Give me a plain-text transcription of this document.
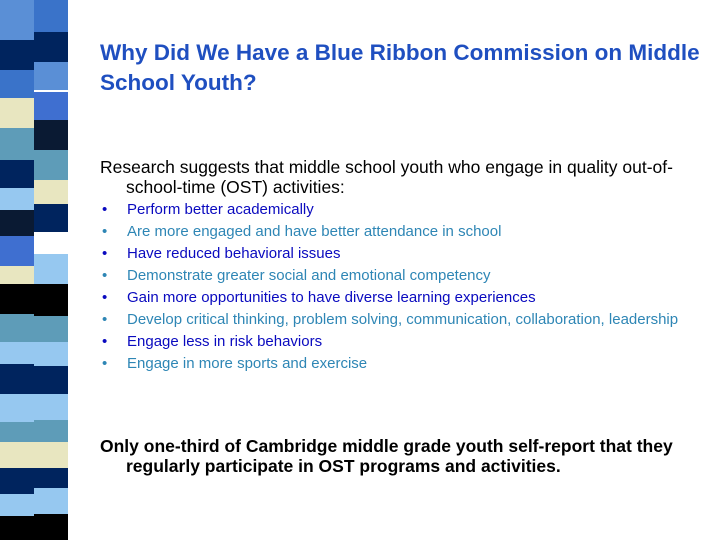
Why Did We Have a Blue Ribbon Commission on Middle School Youth?

Research suggests that middle school youth who engage in quality out-of-school-time (OST) activities:

• Perform better academically
• Are more engaged and have better attendance in school
• Have reduced behavioral issues
• Demonstrate greater social and emotional competency
• Gain more opportunities to have diverse learning experiences
• Develop critical thinking, problem solving, communication, collaboration, leadership
• Engage less in risk behaviors
• Engage in more sports and exercise

Only one-third of Cambridge middle grade youth self-report that they regularly participate in OST programs and activities.
